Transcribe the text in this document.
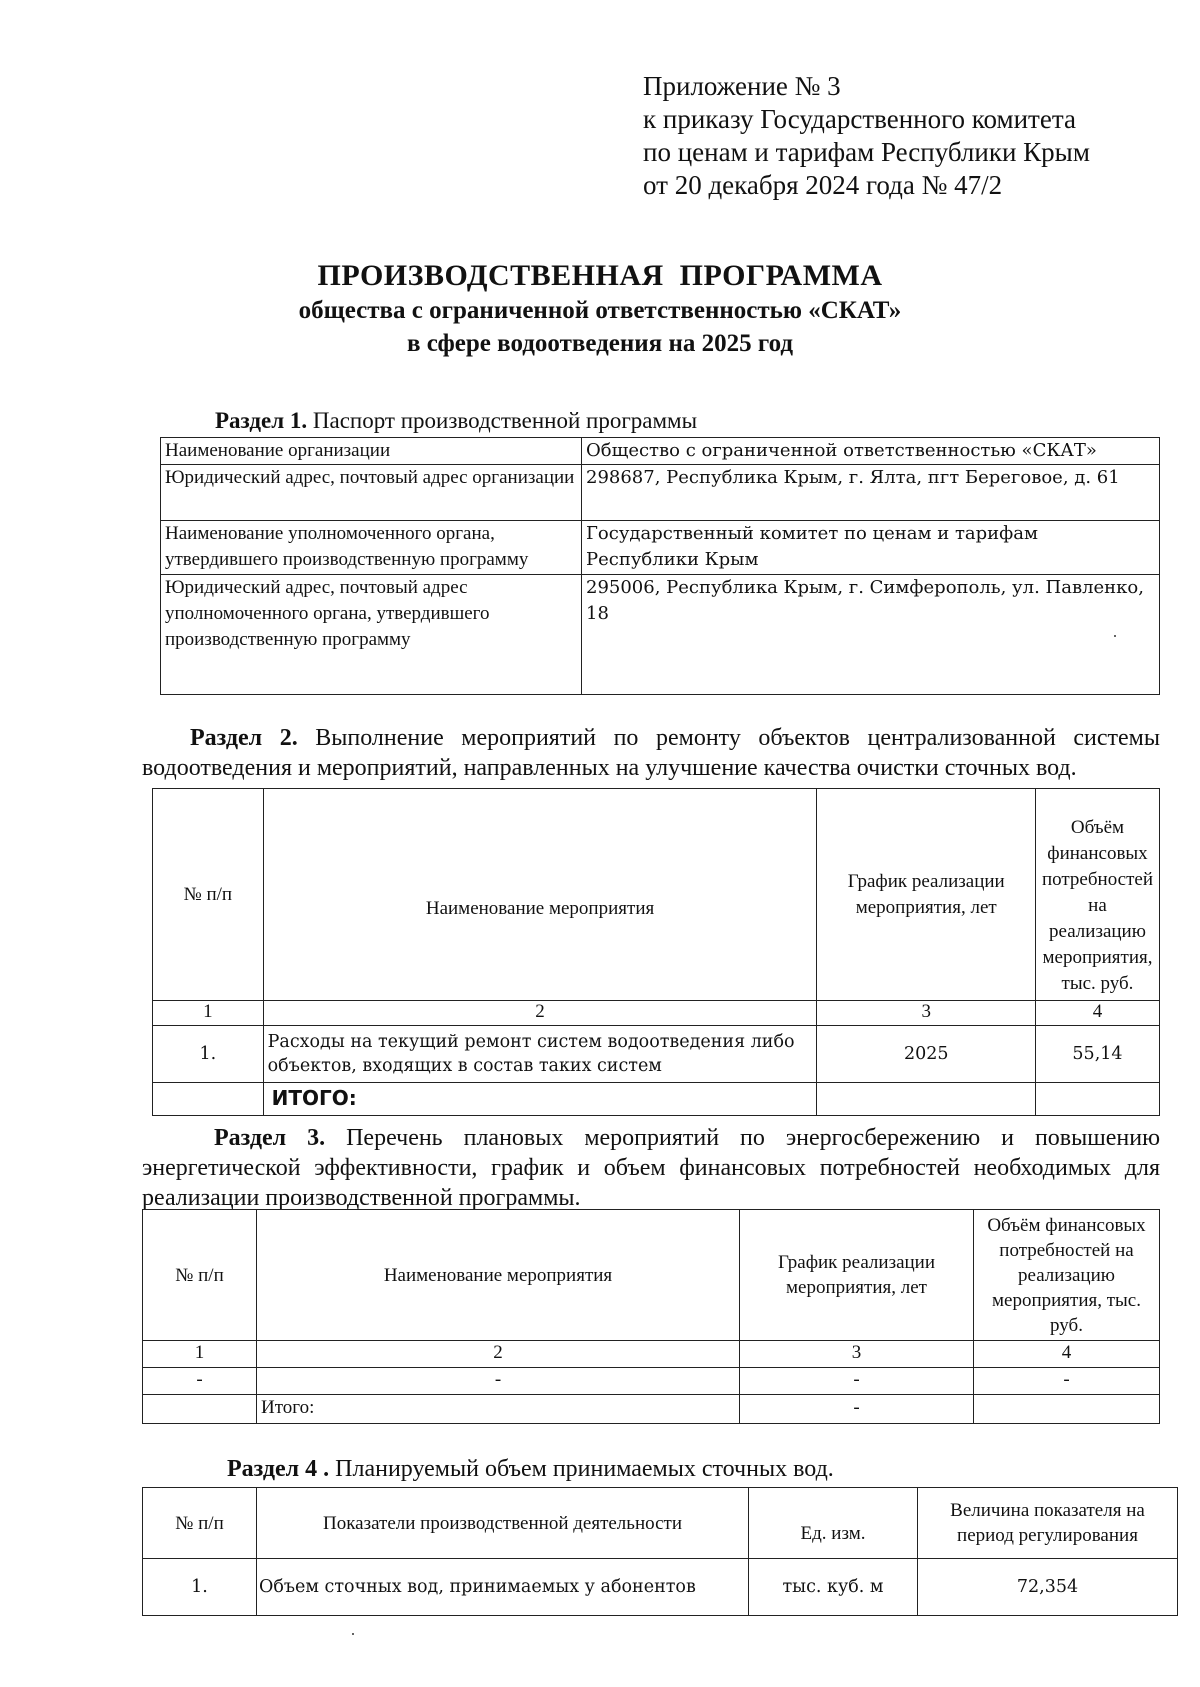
Приложение № 3
к приказу Государственного комитета
по ценам и тарифам Республики Крым
от 20 декабря 2024 года № 47/2
ПРОИЗВОДСТВЕННАЯ ПРОГРАММА
общества с ограниченной ответственностью «СКАТ»
в сфере водоотведения на 2025 год
Раздел 1. Паспорт производственной программы
Наименование организации	Общество с ограниченной ответственностью «СКАТ»
Юридический адрес, почтовый адрес организации	298687, Республика Крым, г. Ялта, пгт Береговое, д. 61
Наименование уполномоченного органа, утвердившего производственную программу	Государственный комитет по ценам и тарифам Республики Крым
Юридический адрес, почтовый адрес уполномоченного органа, утвердившего производственную программу	295006, Республика Крым, г. Симферополь, ул. Павленко, 18
Раздел 2. Выполнение мероприятий по ремонту объектов централизованной системы водоотведения и мероприятий, направленных на улучшение качества очистки сточных вод.
№ п/п	Наименование мероприятия	График реализации мероприятия, лет	Объём финансовых потребностей на реализацию мероприятия, тыс. руб.
1	2	3	4
1.	Расходы на текущий ремонт систем водоотведения либо объектов, входящих в состав таких систем	2025	55,14
	ИТОГО:		
Раздел 3. Перечень плановых мероприятий по энергосбережению и повышению энергетической эффективности, график и объем финансовых потребностей необходимых для реализации производственной программы.
№ п/п	Наименование мероприятия	График реализации мероприятия, лет	Объём финансовых потребностей на реализацию мероприятия, тыс. руб.
1	2	3	4
-	-	-	-
	Итого:	-	
Раздел 4 . Планируемый объем принимаемых сточных вод.
№ п/п	Показатели производственной деятельности	Ед. изм.	Величина показателя на период регулирования
1.	Объем сточных вод, принимаемых у абонентов	тыс. куб. м	72,354
